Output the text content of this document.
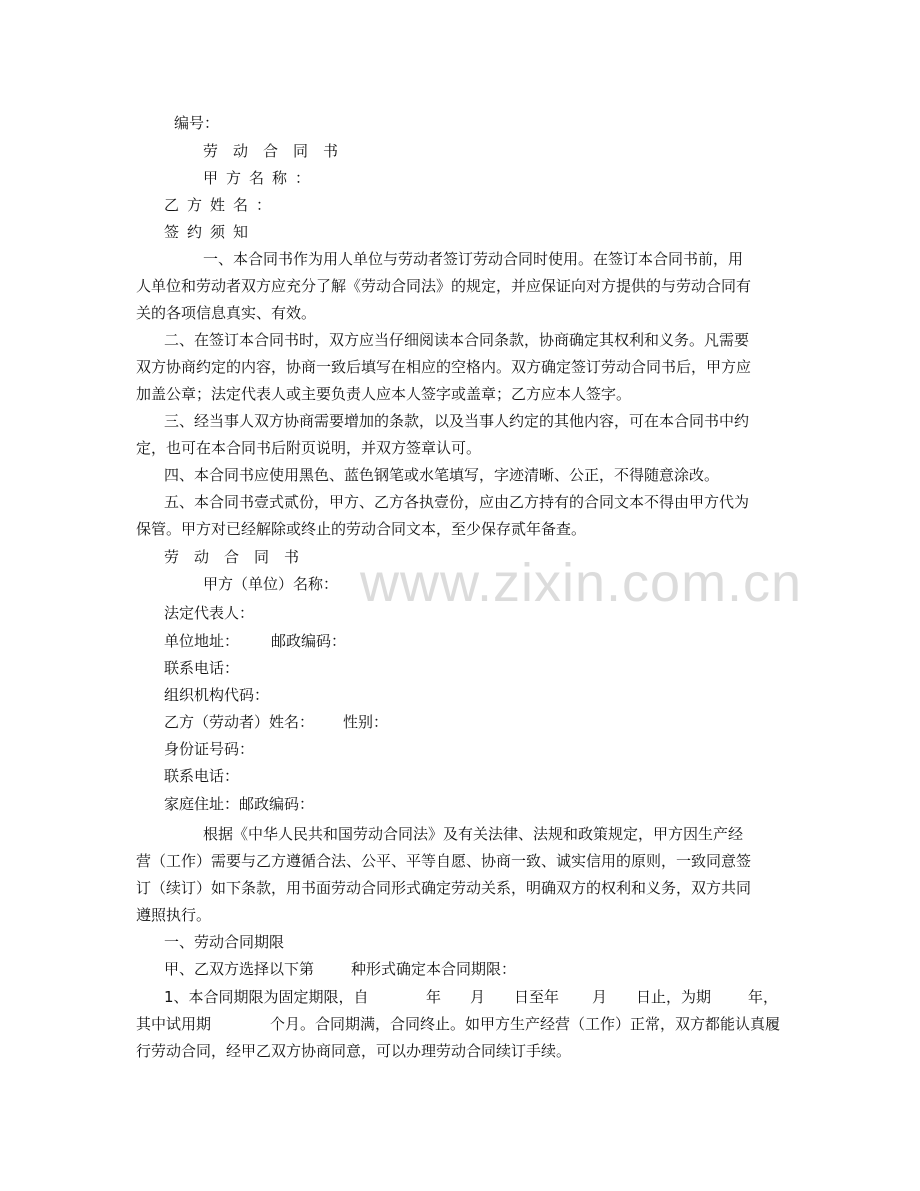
www.zixin.com.cn
编号：
劳动合同书
甲方名称：
乙方姓名：
签约须知
一、本合同书作为用人单位与劳动者签订劳动合同时使用。在签订本合同书前，用
人单位和劳动者双方应充分了解《劳动合同法》的规定，并应保证向对方提供的与劳动合同有
关的各项信息真实、有效。
二、在签订本合同书时，双方应当仔细阅读本合同条款，协商确定其权利和义务。凡需要
双方协商约定的内容，协商一致后填写在相应的空格内。双方确定签订劳动合同书后，甲方应
加盖公章；法定代表人或主要负责人应本人签字或盖章；乙方应本人签字。
三、经当事人双方协商需要增加的条款，以及当事人约定的其他内容，可在本合同书中约
定，也可在本合同书后附页说明，并双方签章认可。
四、本合同书应使用黑色、蓝色钢笔或水笔填写，字迹清晰、公正，不得随意涂改。
五、本合同书壹式贰份，甲方、乙方各执壹份，应由乙方持有的合同文本不得由甲方代为
保管。甲方对已经解除或终止的劳动合同文本，至少保存贰年备查。
劳动合同书
甲方（单位）名称：
法定代表人：
单位地址： 邮政编码：
联系电话：
组织机构代码：
乙方（劳动者）姓名： 性别：
身份证号码：
联系电话：
家庭住址：邮政编码：
根据《中华人民共和国劳动合同法》及有关法律、法规和政策规定，甲方因生产经
营（工作）需要与乙方遵循合法、公平、平等自愿、协商一致、诚实信用的原则，一致同意签
订（续订）如下条款，用书面劳动合同形式确定劳动关系，明确双方的权利和义务，双方共同
遵照执行。
一、劳动合同期限
甲、乙双方选择以下第 种形式确定本合同期限：
1、本合同期限为固定期限，自	年 月 日至年 月 日止，为期 年，
其中试用期	个月。合同期满，合同终止。如甲方生产经营（工作）正常，双方都能认真履
行劳动合同，经甲乙双方协商同意，可以办理劳动合同续订手续。
